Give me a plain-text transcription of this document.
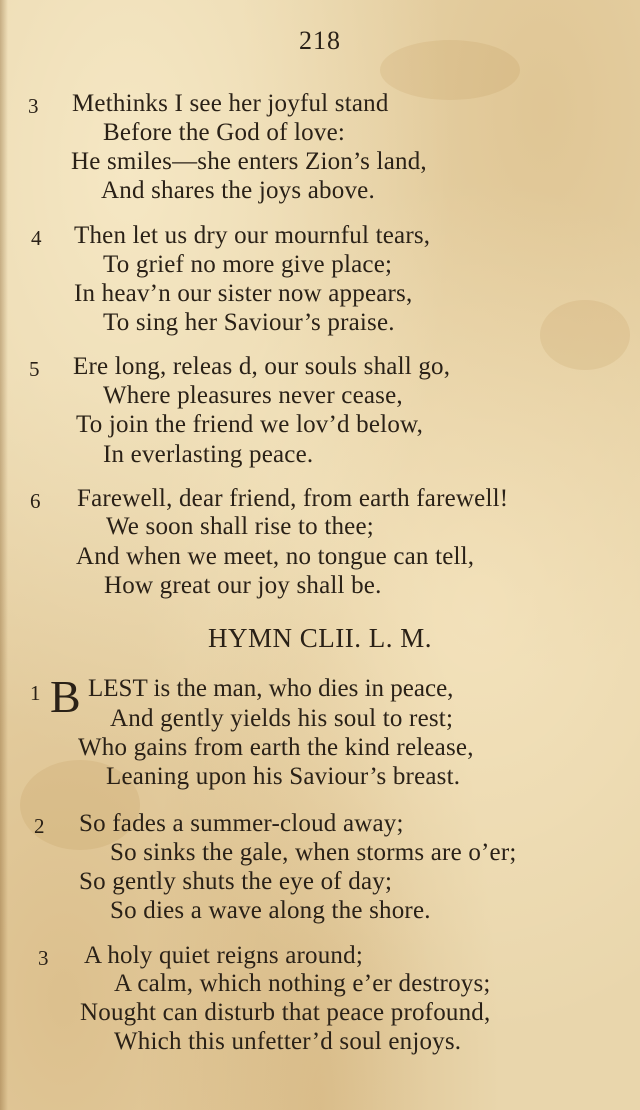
218
3 Methinks I see her joyful stand
Before the God of love:
He smiles—she enters Zion’s land,
And shares the joys above.
4 Then let us dry our mournful tears,
To grief no more give place;
In heav’n our sister now appears,
To sing her Saviour’s praise.
5 Ere long, releas d, our souls shall go,
Where pleasures never cease,
To join the friend we lov’d below,
In everlasting peace.
6 Farewell, dear friend, from earth farewell!
We soon shall rise to thee;
And when we meet, no tongue can tell,
How great our joy shall be.
HYMN CLII. L. M.
1 B LEST is the man, who dies in peace,
And gently yields his soul to rest;
Who gains from earth the kind release,
Leaning upon his Saviour’s breast.
2 So fades a summer-cloud away;
So sinks the gale, when storms are o’er;
So gently shuts the eye of day;
So dies a wave along the shore.
3 A holy quiet reigns around;
A calm, which nothing e’er destroys;
Nought can disturb that peace profound,
Which this unfetter’d soul enjoys.
